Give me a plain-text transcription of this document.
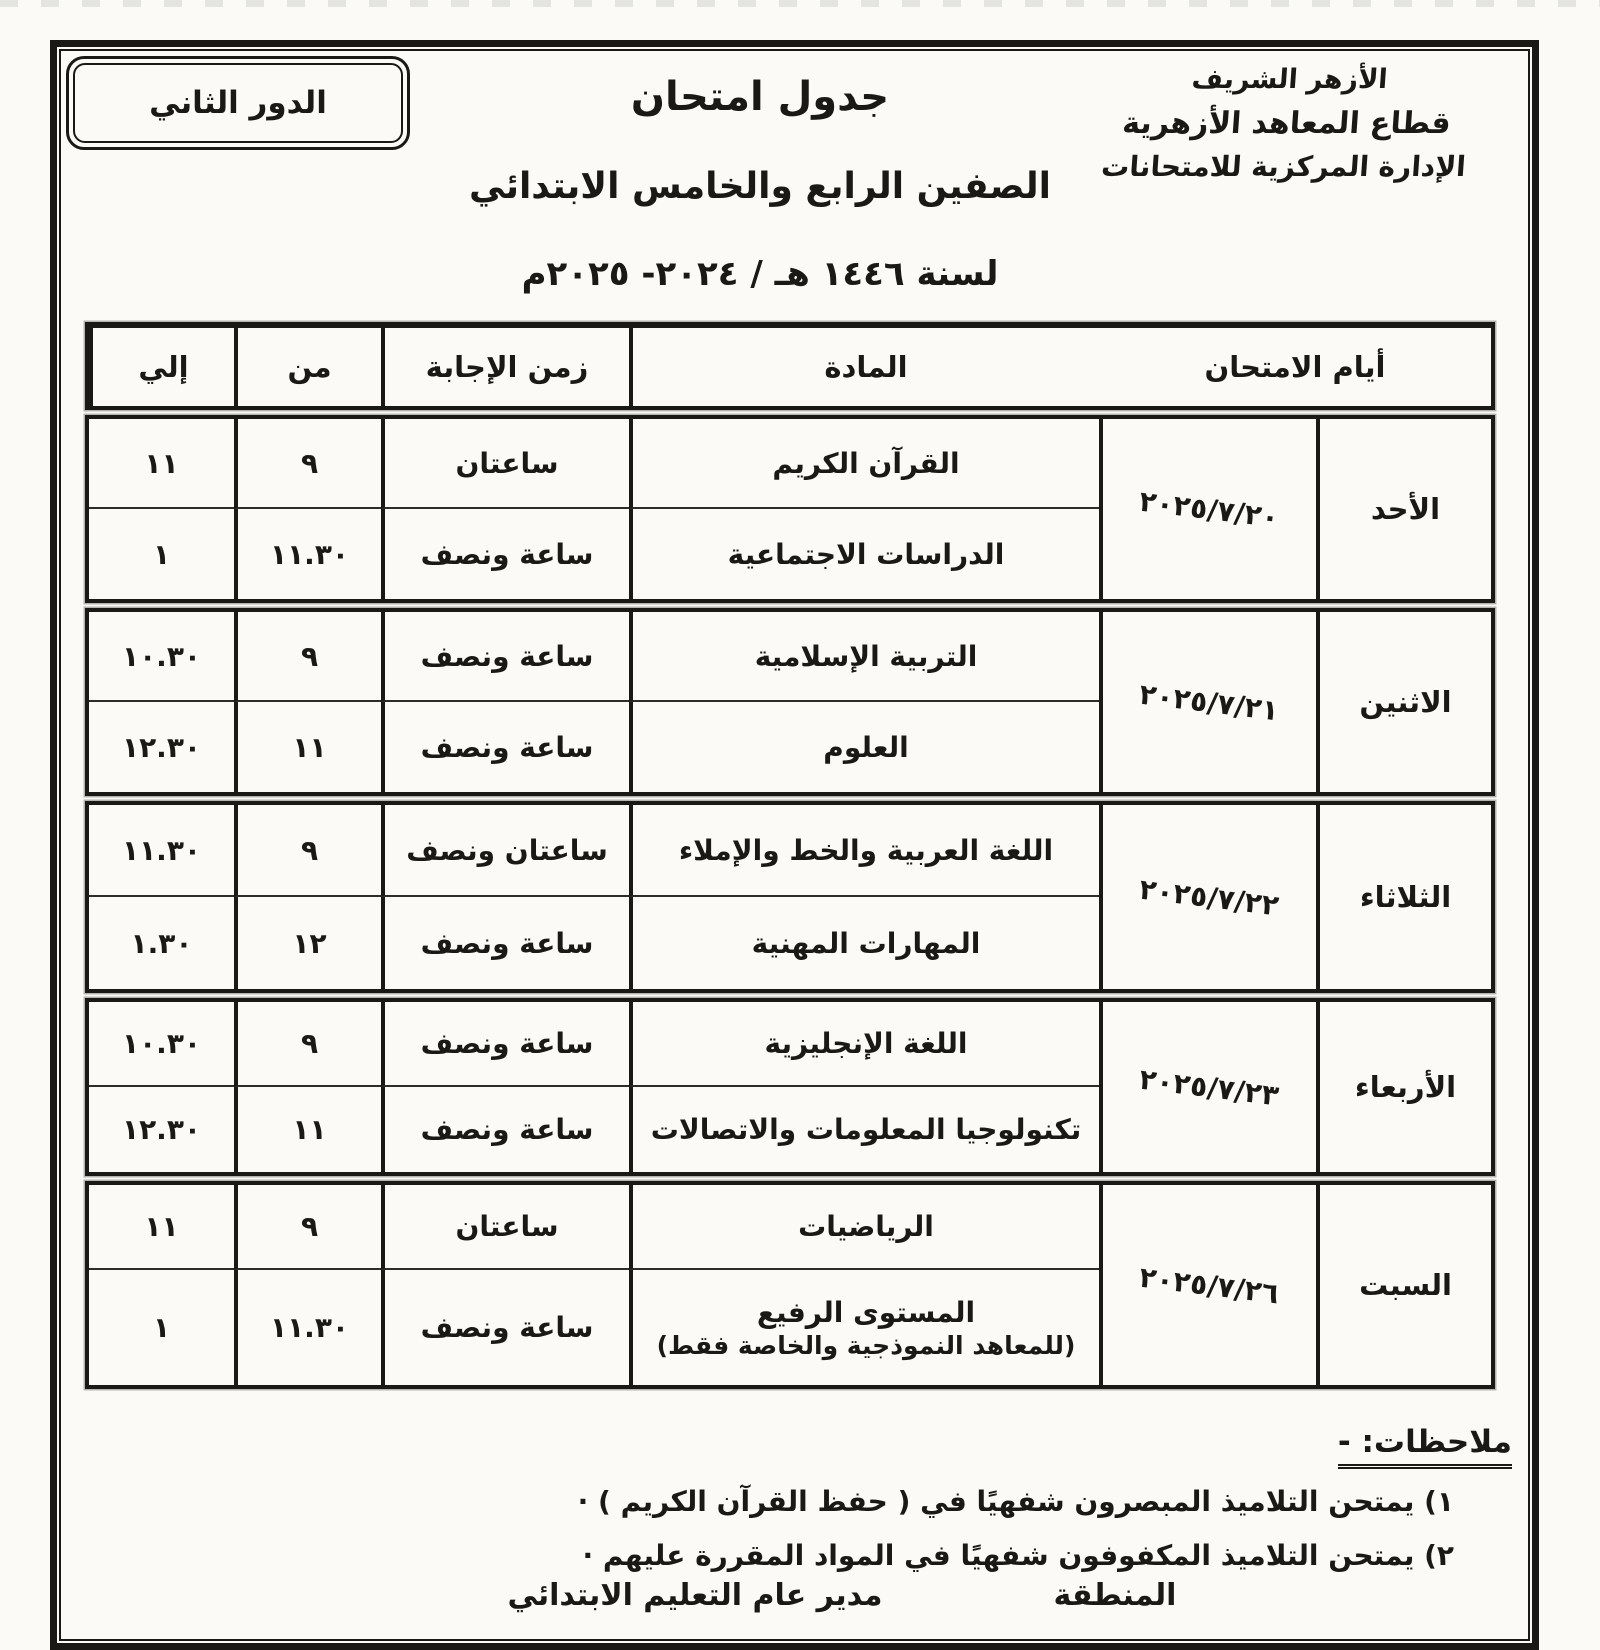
الدور الثاني
الأزهر الشريف
قطاع المعاهد الأزهرية
الإدارة المركزية للامتحانات
جدول امتحان
الصفين الرابع والخامس الابتدائي
لسنة ١٤٤٦ هـ / ٢٠٢٤- ٢٠٢٥م
أيام الامتحان
المادة
زمن الإجابة
من
إلي
الأحد
٢٠٢٥/٧/٢٠
القرآن الكريم
ساعتان
٩
١١
الدراسات الاجتماعية
ساعة ونصف
١١.٣٠
١
الاثنين
٢٠٢٥/٧/٢١
التربية الإسلامية
ساعة ونصف
٩
١٠.٣٠
العلوم
ساعة ونصف
١١
١٢.٣٠
الثلاثاء
٢٠٢٥/٧/٢٢
اللغة العربية والخط والإملاء
ساعتان ونصف
٩
١١.٣٠
المهارات المهنية
ساعة ونصف
١٢
١.٣٠
الأربعاء
٢٠٢٥/٧/٢٣
اللغة الإنجليزية
ساعة ونصف
٩
١٠.٣٠
تكنولوجيا المعلومات والاتصالات
ساعة ونصف
١١
١٢.٣٠
السبت
٢٠٢٥/٧/٢٦
الرياضيات
ساعتان
٩
١١
المستوى الرفيع
(للمعاهد النموذجية والخاصة فقط)
ساعة ونصف
١١.٣٠
١
ملاحظات: -
١) يمتحن التلاميذ المبصرون شفهيًا في ( حفظ القرآن الكريم ) ·
٢) يمتحن التلاميذ المكفوفون شفهيًا في المواد المقررة عليهم ·
المنطقة
مدير عام التعليم الابتدائي
